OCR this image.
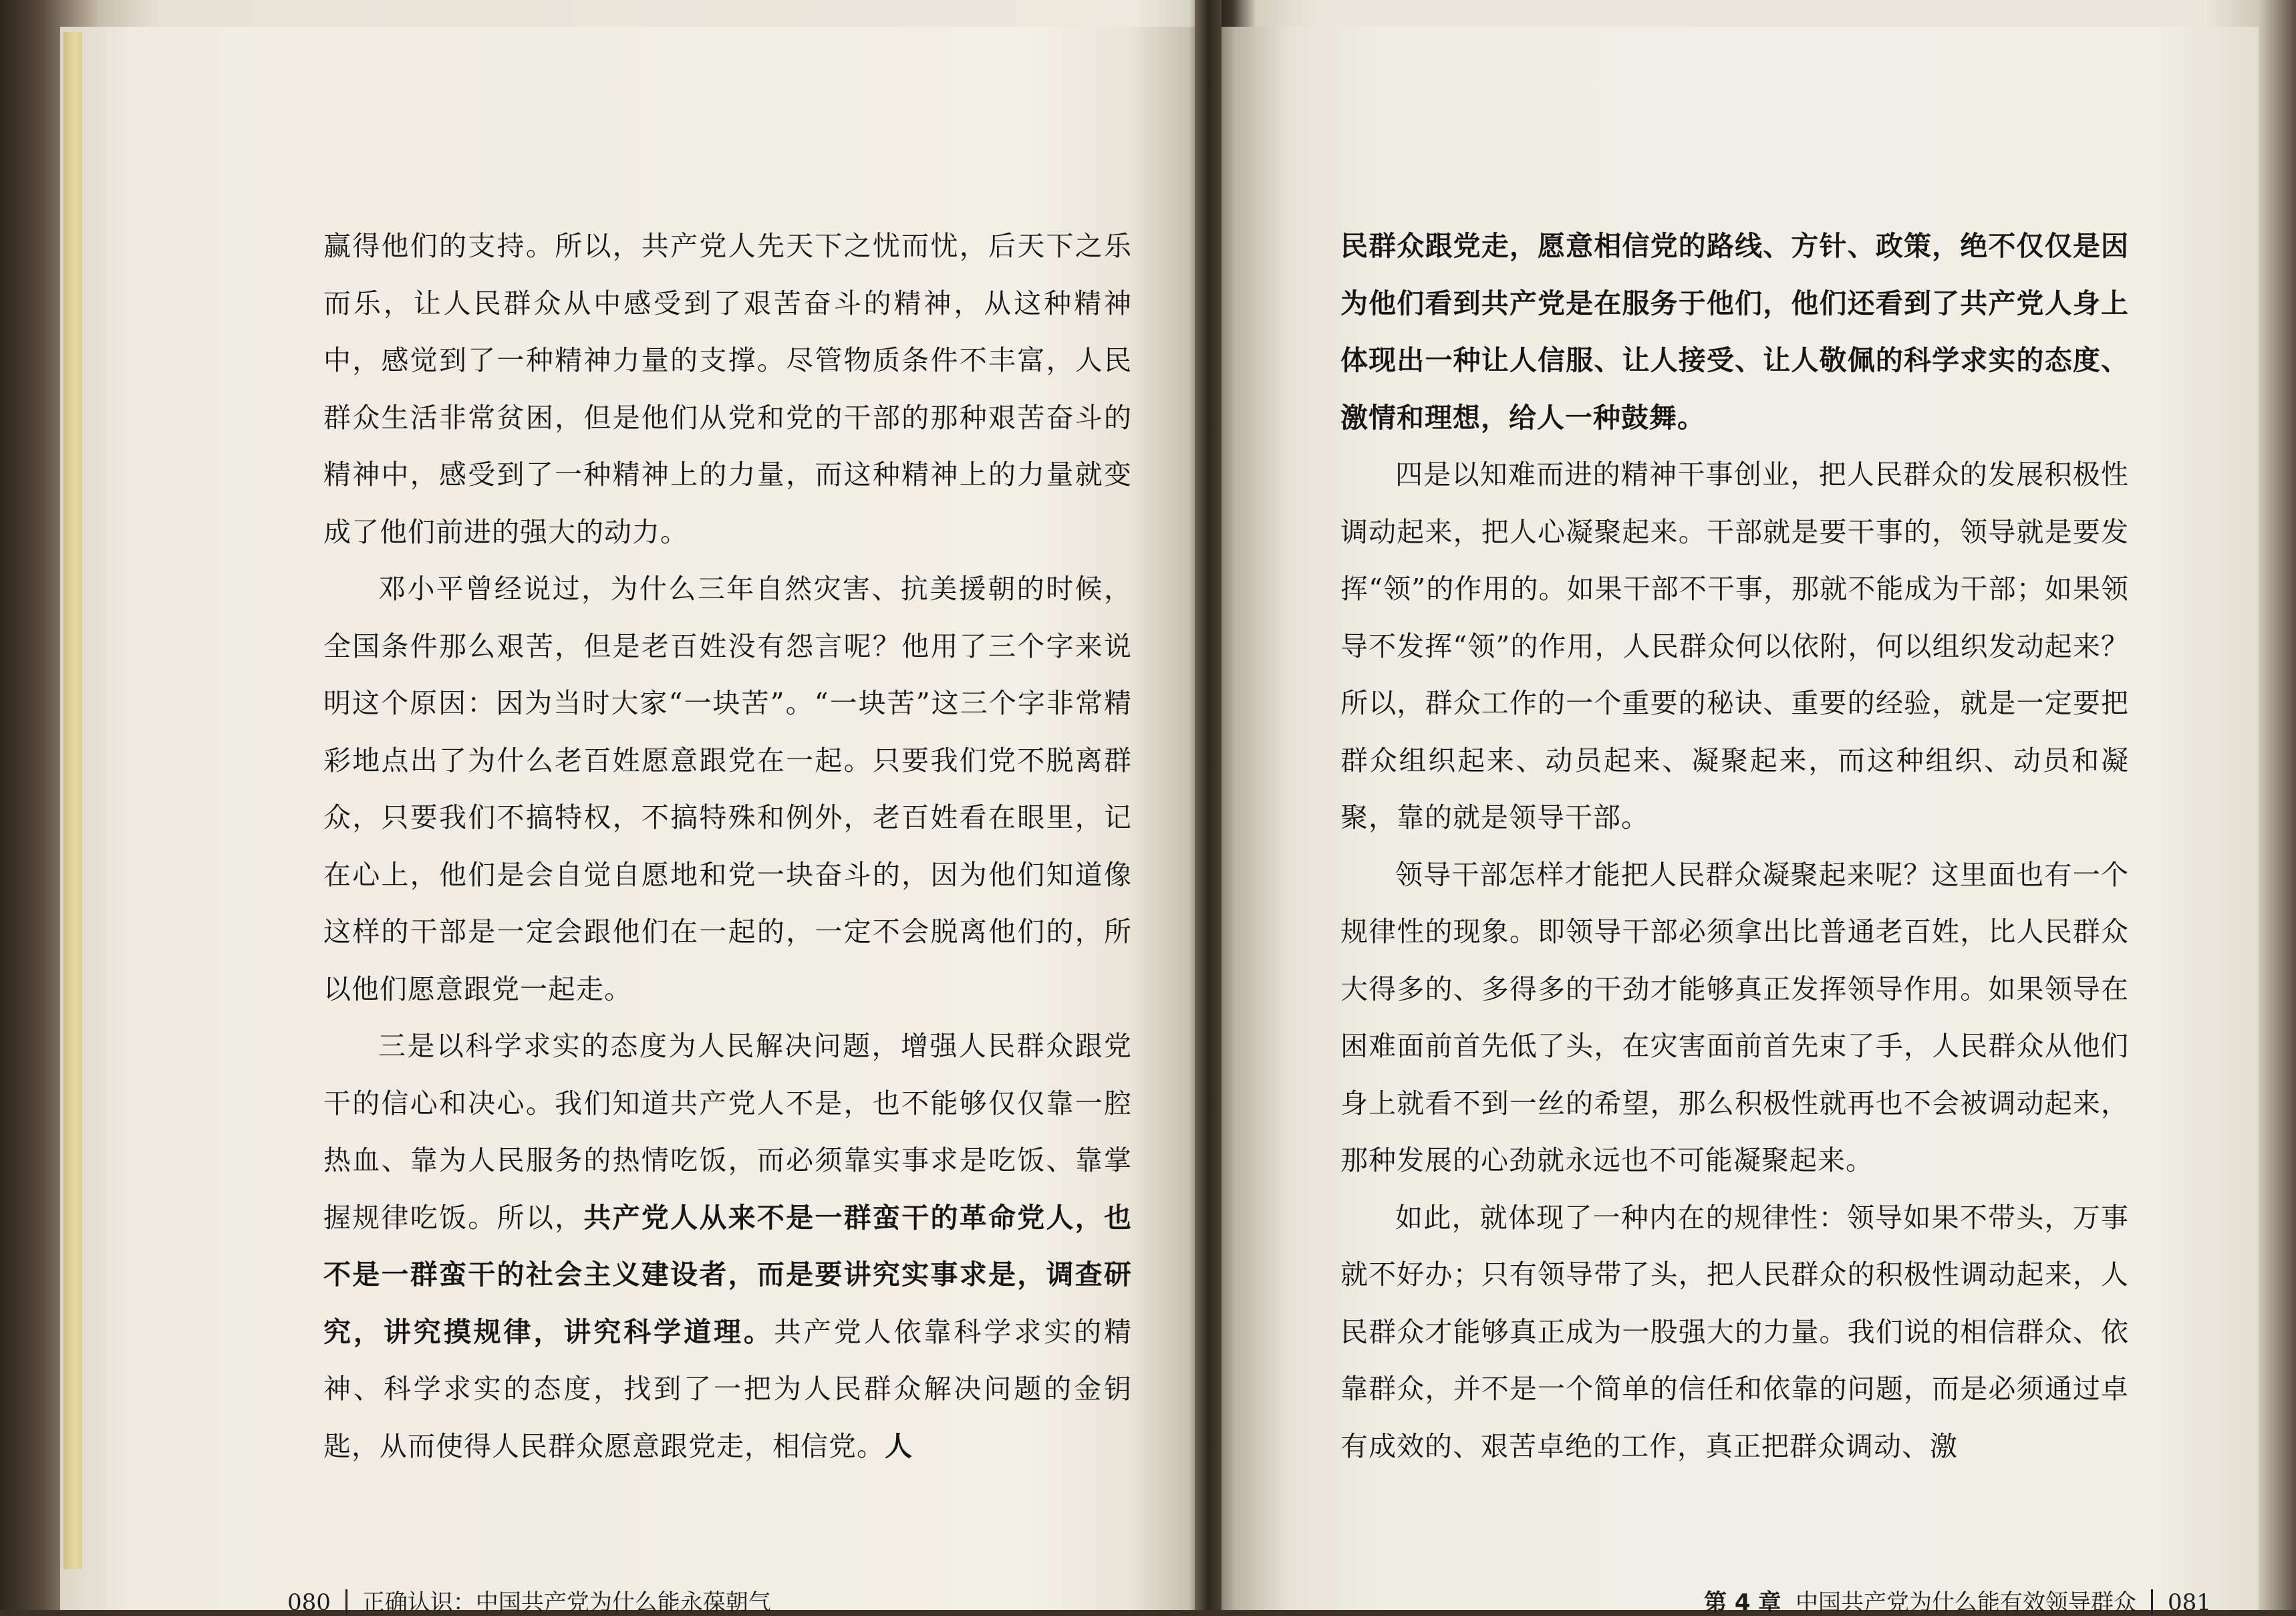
赢得他们的支持。所以，共产党人先天下之忧而忧，后天下之乐而乐，让人民群众从中感受到了艰苦奋斗的精神，从这种精神中，感觉到了一种精神力量的支撑。尽管物质条件不丰富，人民群众生活非常贫困，但是他们从党和党的干部的那种艰苦奋斗的精神中，感受到了一种精神上的力量，而这种精神上的力量就变成了他们前进的强大的动力。

邓小平曾经说过，为什么三年自然灾害、抗美援朝的时候，全国条件那么艰苦，但是老百姓没有怨言呢？他用了三个字来说明这个原因：因为当时大家“一块苦”。“一块苦”这三个字非常精彩地点出了为什么老百姓愿意跟党在一起。只要我们党不脱离群众，只要我们不搞特权，不搞特殊和例外，老百姓看在眼里，记在心上，他们是会自觉自愿地和党一块奋斗的，因为他们知道像这样的干部是一定会跟他们在一起的，一定不会脱离他们的，所以他们愿意跟党一起走。

三是以科学求实的态度为人民解决问题，增强人民群众跟党干的信心和决心。我们知道共产党人不是，也不能够仅仅靠一腔热血、靠为人民服务的热情吃饭，而必须靠实事求是吃饭、靠掌握规律吃饭。所以，共产党人从来不是一群蛮干的革命党人，也不是一群蛮干的社会主义建设者，而是要讲究实事求是，调查研究，讲究摸规律，讲究科学道理。共产党人依靠科学求实的精神、科学求实的态度，找到了一把为人民群众解决问题的金钥匙，从而使得人民群众愿意跟党走，相信党。人

民群众跟党走，愿意相信党的路线、方针、政策，绝不仅仅是因为他们看到共产党是在服务于他们，他们还看到了共产党人身上体现出一种让人信服、让人接受、让人敬佩的科学求实的态度、激情和理想，给人一种鼓舞。

四是以知难而进的精神干事创业，把人民群众的发展积极性调动起来，把人心凝聚起来。干部就是要干事的，领导就是要发挥“领”的作用的。如果干部不干事，那就不能成为干部；如果领导不发挥“领”的作用，人民群众何以依附，何以组织发动起来？所以，群众工作的一个重要的秘诀、重要的经验，就是一定要把群众组织起来、动员起来、凝聚起来，而这种组织、动员和凝聚，靠的就是领导干部。

领导干部怎样才能把人民群众凝聚起来呢？这里面也有一个规律性的现象。即领导干部必须拿出比普通老百姓，比人民群众大得多的、多得多的干劲才能够真正发挥领导作用。如果领导在困难面前首先低了头，在灾害面前首先束了手，人民群众从他们身上就看不到一丝的希望，那么积极性就再也不会被调动起来，那种发展的心劲就永远也不可能凝聚起来。

如此，就体现了一种内在的规律性：领导如果不带头，万事就不好办；只有领导带了头，把人民群众的积极性调动起来，人民群众才能够真正成为一股强大的力量。我们说的相信群众、依靠群众，并不是一个简单的信任和依靠的问题，而是必须通过卓有成效的、艰苦卓绝的工作，真正把群众调动、激

080 正确认识：中国共产党为什么能永葆朝气	第 4 章 中国共产党为什么能有效领导群众 081
